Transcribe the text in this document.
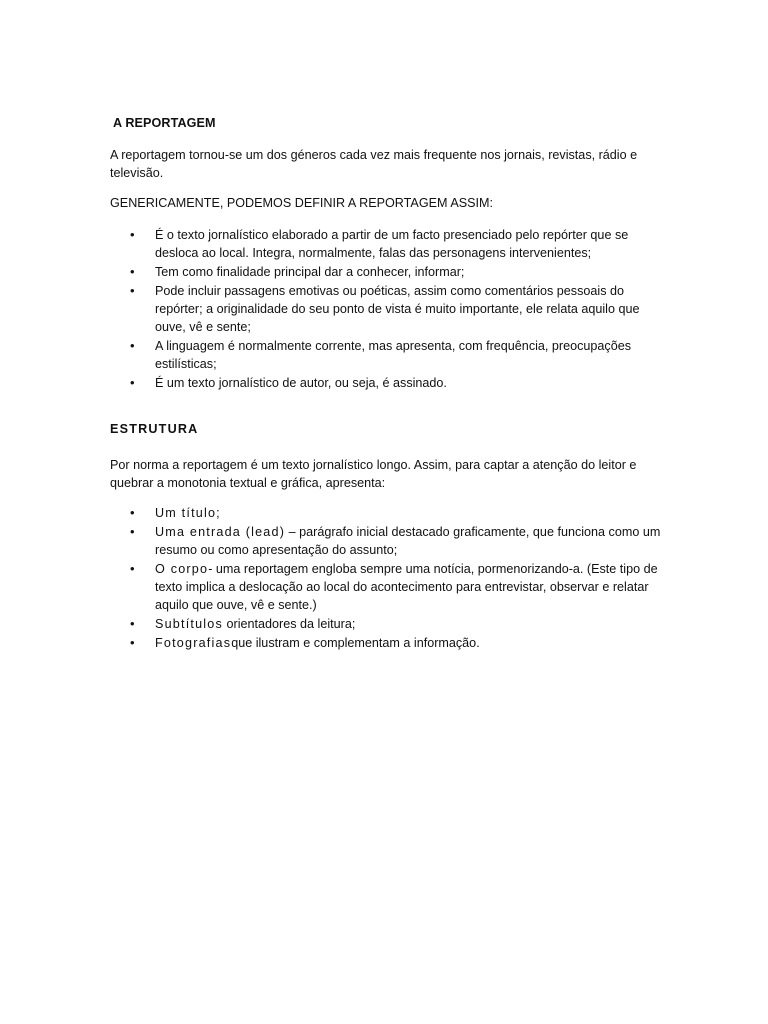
A REPORTAGEM

A reportagem tornou-se um dos géneros cada vez mais frequente nos jornais, revistas, rádio e televisão.

GENERICAMENTE, PODEMOS DEFINIR A REPORTAGEM ASSIM:

•	É o texto jornalístico elaborado a partir de um facto presenciado pelo repórter que se desloca ao local. Integra, normalmente, falas das personagens intervenientes;
•	Tem como finalidade principal dar a conhecer, informar;
•	Pode incluir passagens emotivas ou poéticas, assim como comentários pessoais do repórter; a originalidade do seu ponto de vista é muito importante, ele relata aquilo que ouve, vê e sente;
•	A linguagem é normalmente corrente, mas apresenta, com frequência, preocupações estilísticas;
•	É um texto jornalístico de autor, ou seja, é assinado.
ESTRUTURA

Por norma a reportagem é um texto jornalístico longo. Assim, para captar a atenção do leitor e quebrar a monotonia textual e gráfica, apresenta:

•	Um título;
•	Uma entrada (lead) – parágrafo inicial destacado graficamente, que funciona como um resumo ou como apresentação do assunto;
•	O corpo- uma reportagem engloba sempre uma notícia, pormenorizando-a. (Este tipo de texto implica a deslocação ao local do acontecimento para entrevistar, observar e relatar aquilo que ouve, vê e sente.)
•	Subtítulos orientadores da leitura;
•	Fotografiasque ilustram e complementam a informação.
